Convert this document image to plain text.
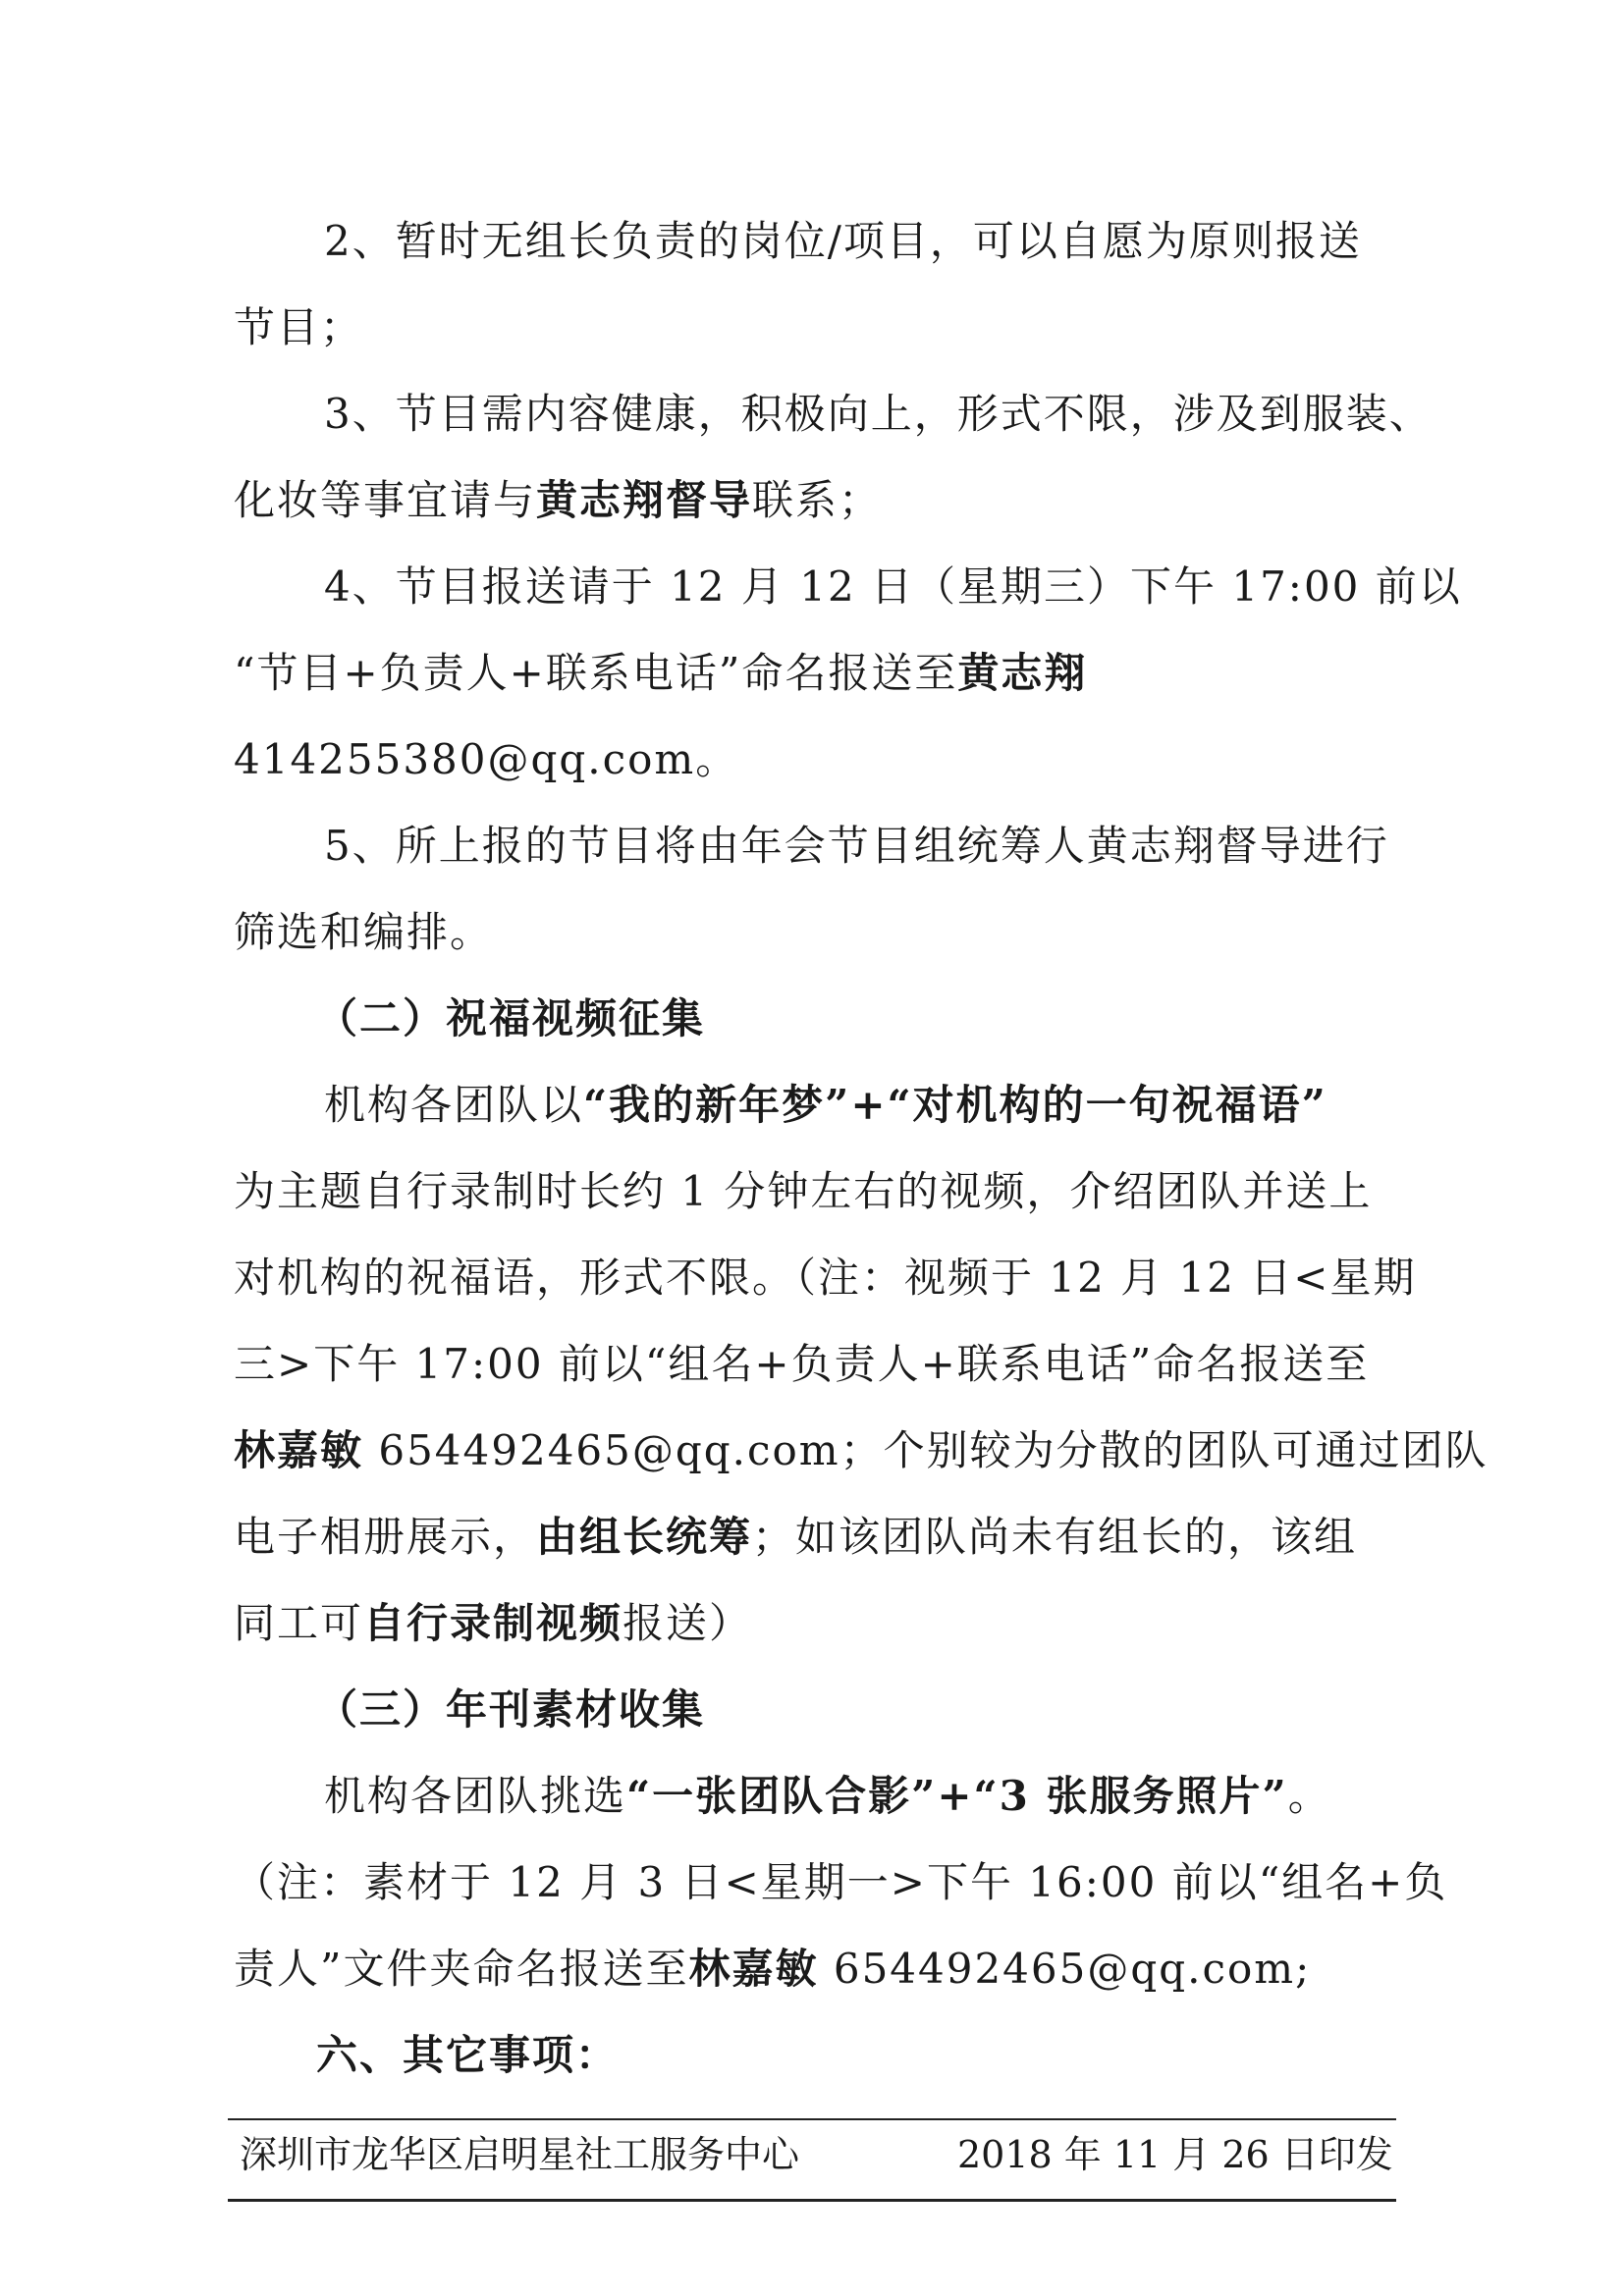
2、暂时无组长负责的岗位/项目，可以自愿为原则报送
节目；
3、节目需内容健康，积极向上，形式不限，涉及到服装、
化妆等事宜请与黄志翔督导联系；
4、节目报送请于 12 月 12 日（星期三）下午 17:00 前以
“节目+负责人+联系电话”命名报送至黄志翔
414255380@qq.com。
5、所上报的节目将由年会节目组统筹人黄志翔督导进行
筛选和编排。
（二）祝福视频征集
机构各团队以“我的新年梦”+“对机构的一句祝福语”
为主题自行录制时长约 1 分钟左右的视频，介绍团队并送上
对机构的祝福语，形式不限。（注：视频于 12 月 12 日<星期
三>下午 17:00 前以“组名+负责人+联系电话”命名报送至
林嘉敏 654492465@qq.com；个别较为分散的团队可通过团队
电子相册展示，由组长统筹；如该团队尚未有组长的，该组
同工可自行录制视频报送）
（三）年刊素材收集
机构各团队挑选“一张团队合影”+“3 张服务照片”。
（注：素材于 12 月 3 日<星期一>下午 16:00 前以“组名+负
责人”文件夹命名报送至林嘉敏 654492465@qq.com;
六、其它事项：
深圳市龙华区启明星社工服务中心	2018 年 11 月 26 日印发
